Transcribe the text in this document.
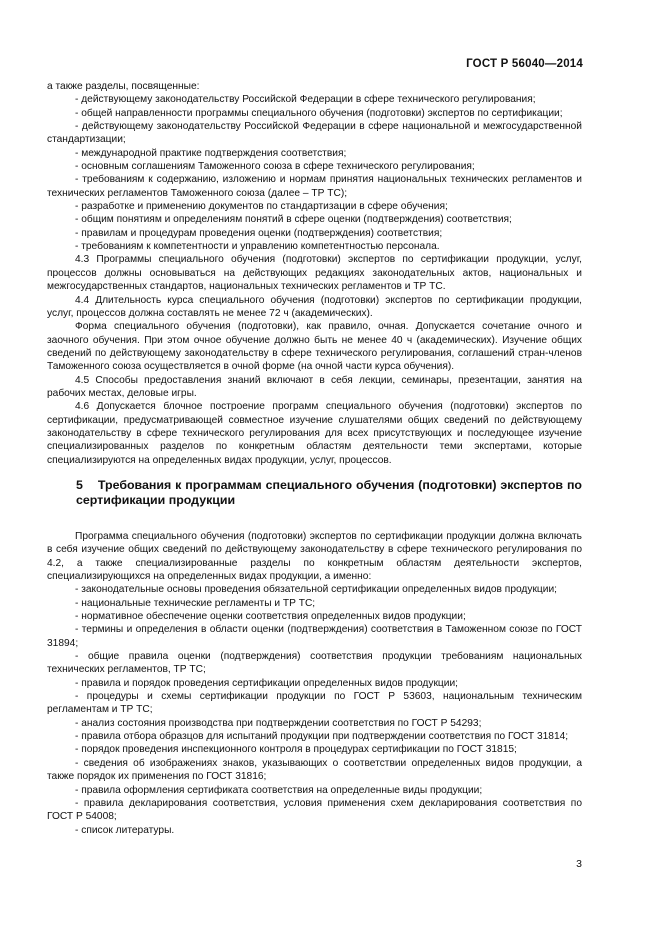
ГОСТ Р 56040—2014

а также разделы, посвященные:

- действующему законодательству Российской Федерации в сфере технического регулирования;

- общей направленности программы специального обучения (подготовки) экспертов по сертификации;

- действующему законодательству Российской Федерации в сфере национальной и межгосударственной стандартизации;

- международной практике подтверждения соответствия;

- основным соглашениям Таможенного союза в сфере технического регулирования;

- требованиям к содержанию, изложению и нормам принятия национальных технических регламентов и технических регламентов Таможенного союза (далее – ТР ТС);

- разработке и применению документов по стандартизации в сфере обучения;

- общим понятиям и определениям понятий в сфере оценки (подтверждения) соответствия;

- правилам и процедурам проведения оценки (подтверждения) соответствия;

- требованиям к компетентности и управлению компетентностью персонала.

4.3 Программы специального обучения (подготовки) экспертов по сертификации продукции, услуг, процессов должны основываться на действующих редакциях законодательных актов, национальных и межгосударственных стандартов, национальных технических регламентов и ТР ТС.

4.4 Длительность курса специального обучения (подготовки) экспертов по сертификации продукции, услуг, процессов должна составлять не менее 72 ч (академических).

Форма специального обучения (подготовки), как правило, очная. Допускается сочетание очного и заочного обучения. При этом очное обучение должно быть не менее 40 ч (академических). Изучение общих сведений по действующему законодательству в сфере технического регулирования, соглашений стран-членов Таможенного союза осуществляется в очной форме (на очной части курса обучения).

4.5 Способы предоставления знаний включают в себя лекции, семинары, презентации, занятия на рабочих местах, деловые игры.

4.6 Допускается блочное построение программ специального обучения (подготовки) экспертов по сертификации, предусматривающей совместное изучение слушателями общих сведений по действующему законодательству в сфере технического регулирования для всех присутствующих и последующее изучение специализированных разделов по конкретным областям деятельности теми экспертами, которые специализируются на определенных видах продукции, услуг, процессов.

5 Требования к программам специального обучения (подготовки) экспертов по сертификации продукции

Программа специального обучения (подготовки) экспертов по сертификации продукции должна включать в себя изучение общих сведений по действующему законодательству в сфере технического регулирования по 4.2, а также специализированные разделы по конкретным областям деятельности экспертов, специализирующихся на определенных видах продукции, а именно:

- законодательные основы проведения обязательной сертификации определенных видов продукции;

- национальные технические регламенты и ТР ТС;

- нормативное обеспечение оценки соответствия определенных видов продукции;

- термины и определения в области оценки (подтверждения) соответствия в Таможенном союзе по ГОСТ 31894;

- общие правила оценки (подтверждения) соответствия продукции требованиям национальных технических регламентов, ТР ТС;

- правила и порядок проведения сертификации определенных видов продукции;

- процедуры и схемы сертификации продукции по ГОСТ Р 53603, национальным техническим регламентам и ТР ТС;

- анализ состояния производства при подтверждении соответствия по ГОСТ Р 54293;

- правила отбора образцов для испытаний продукции при подтверждении соответствия по ГОСТ 31814;

- порядок проведения инспекционного контроля в процедурах сертификации по ГОСТ 31815;

- сведения об изображениях знаков, указывающих о соответствии определенных видов продукции, а также порядок их применения по ГОСТ 31816;

- правила оформления сертификата соответствия на определенные виды продукции;

- правила декларирования соответствия, условия применения схем декларирования соответствия по ГОСТ Р 54008;

- список литературы.

3
